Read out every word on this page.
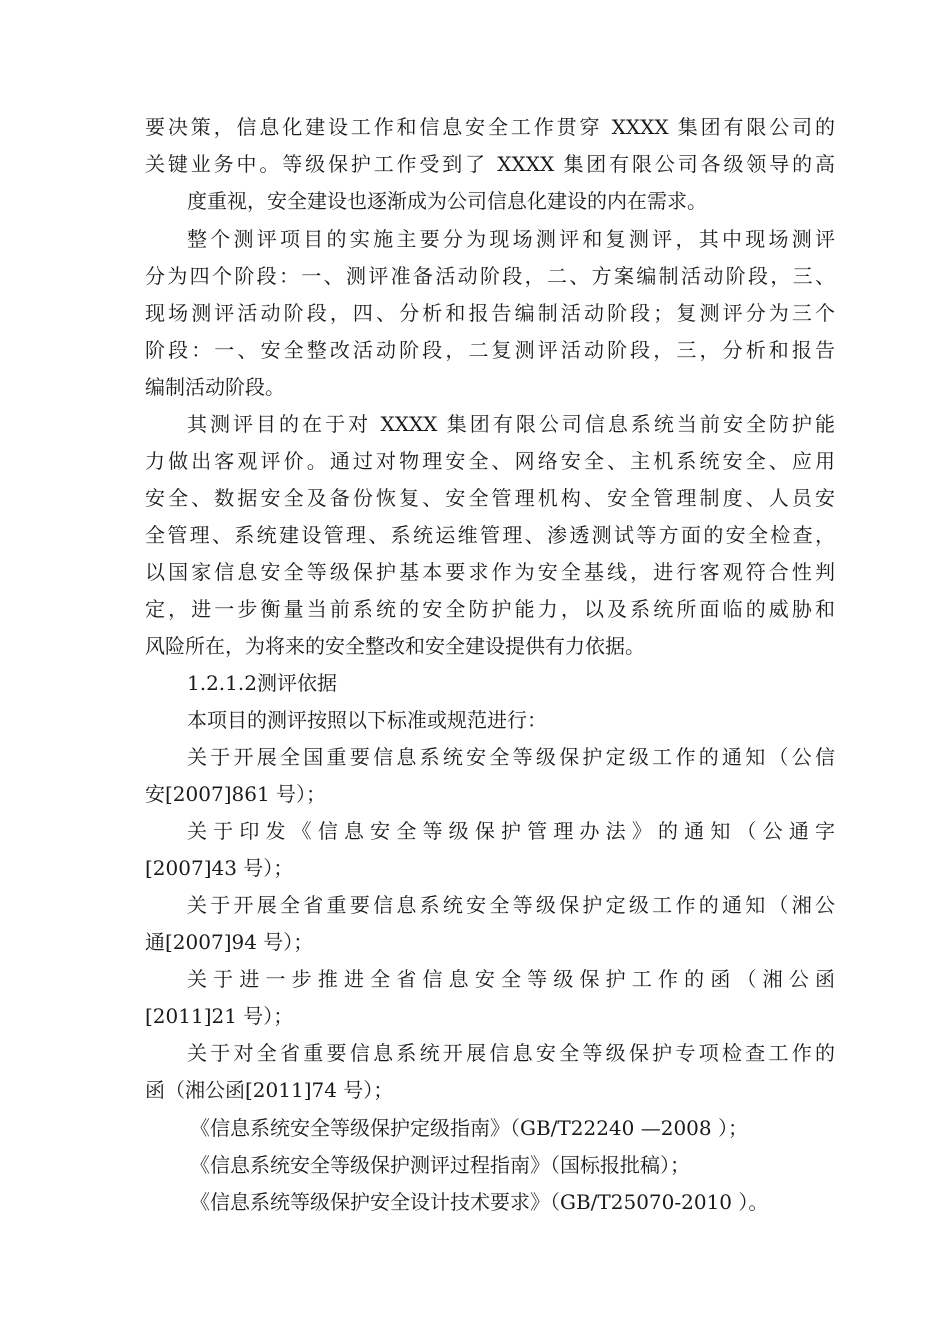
要决策，信息化建设工作和信息安全工作贯穿 XXXX 集团有限公司的
关键业务中。等级保护工作受到了 XXXX 集团有限公司各级领导的高
度重视，安全建设也逐渐成为公司信息化建设的内在需求。
整个测评项目的实施主要分为现场测评和复测评，其中现场测评
分为四个阶段：一、测评准备活动阶段，二、方案编制活动阶段，三、
现场测评活动阶段，四、分析和报告编制活动阶段；复测评分为三个
阶段：一、安全整改活动阶段，二复测评活动阶段，三，分析和报告
编制活动阶段。
其测评目的在于对 XXXX 集团有限公司信息系统当前安全防护能
力做出客观评价。通过对物理安全、网络安全、主机系统安全、应用
安全、数据安全及备份恢复、安全管理机构、安全管理制度、人员安
全管理、系统建设管理、系统运维管理、渗透测试等方面的安全检查，
以国家信息安全等级保护基本要求作为安全基线，进行客观符合性判
定，进一步衡量当前系统的安全防护能力，以及系统所面临的威胁和
风险所在，为将来的安全整改和安全建设提供有力依据。
1.2.1.2测评依据
本项目的测评按照以下标准或规范进行：
关于开展全国重要信息系统安全等级保护定级工作的通知（公信
安[2007]861 号）；
关于印发《信息安全等级保护管理办法》的通知（公通字
[2007]43 号）；
关于开展全省重要信息系统安全等级保护定级工作的通知（湘公
通[2007]94 号）；
关于进一步推进全省信息安全等级保护工作的函（湘公函
[2011]21 号）；
关于对全省重要信息系统开展信息安全等级保护专项检查工作的
函（湘公函[2011]74 号）；
《信息系统安全等级保护定级指南》（GB/T22240 —2008 ）；
《信息系统安全等级保护测评过程指南》（国标报批稿）；
《信息系统等级保护安全设计技术要求》（GB/T25070-2010 ）。
